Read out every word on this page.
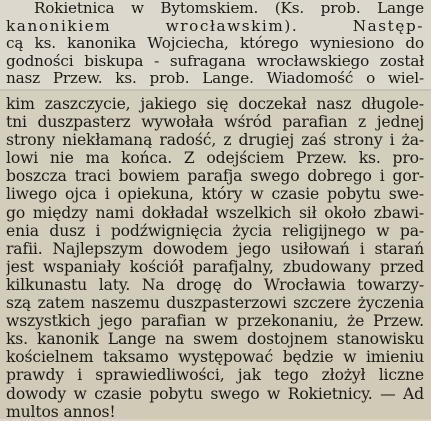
Rokietnica w Bytomskiem. (Ks. prob. Lange
kanonikiem wrocławskim). Następ-
cą ks. kanonika Wojciecha, którego wyniesiono do
godności biskupa - sufragana wrocławskiego został
nasz Przew. ks. prob. Lange. Wiadomość o wiel-
kim zaszczycie, jakiego się doczekał nasz długole-
tni duszpasterz wywołała wśród parafian z jednej
strony niekłamaną radość, z drugiej zaś strony i ża-
lowi nie ma końca. Z odejściem Przew. ks. pro-
boszcza traci bowiem parafja swego dobrego i gor-
liwego ojca i opiekuna, który w czasie pobytu swe-
go między nami dokładał wszelkich sił około zbawi-
enia dusz i podźwignięcia życia religijnego w pa-
rafii. Najlepszym dowodem jego usiłowań i starań
jest wspaniały kościół parafjalny, zbudowany przed
kilkunastu laty. Na drogę do Wrocławia towarzy-
szą zatem naszemu duszpasterzowi szczere życzenia
wszystkich jego parafian w przekonaniu, że Przew.
ks. kanonik Lange na swem dostojnem stanowisku
kościelnem taksamo występować będzie w imieniu
prawdy i sprawiedliwości, jak tego złożył liczne
dowody w czasie pobytu swego w Rokietnicy. — Ad
multos annos!
